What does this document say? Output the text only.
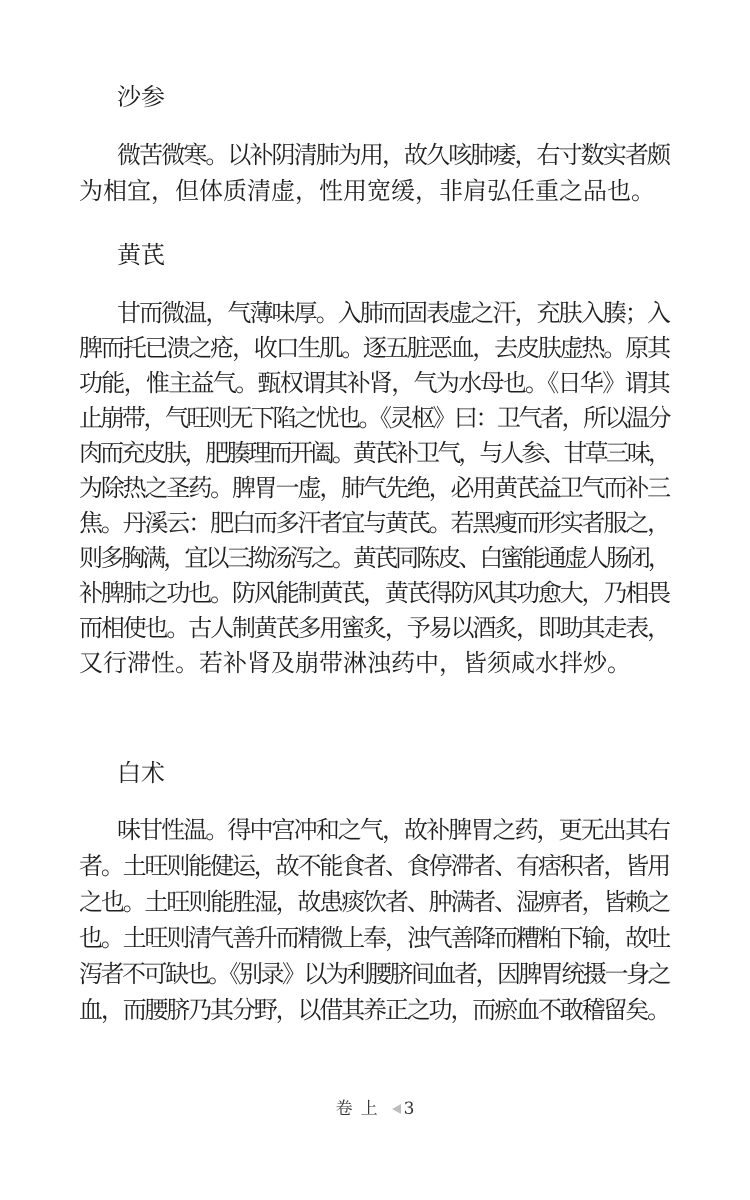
沙参
微苦微寒。以补阴清肺为用，故久咳肺痿，右寸数实者颇
为相宜，但体质清虚，性用宽缓，非肩弘任重之品也。
黄芪
甘而微温，气薄味厚。入肺而固表虚之汗，充肤入腠；入
脾而托已溃之疮，收口生肌。逐五脏恶血，去皮肤虚热。原其
功能，惟主益气。甄权谓其补肾，气为水母也。《日华》谓其
止崩带，气旺则无下陷之忧也。《灵枢》曰：卫气者，所以温分
肉而充皮肤，肥腠理而开阖。黄芪补卫气，与人参、甘草三味，
为除热之圣药。脾胃一虚，肺气先绝，必用黄芪益卫气而补三
焦。丹溪云：肥白而多汗者宜与黄芪。若黑瘦而形实者服之，
则多胸满，宜以三拗汤泻之。黄芪同陈皮、白蜜能通虚人肠闭，
补脾肺之功也。防风能制黄芪，黄芪得防风其功愈大，乃相畏
而相使也。古人制黄芪多用蜜炙，予易以酒炙，即助其走表，
又行滞性。若补肾及崩带淋浊药中，皆须咸水拌炒。
白术
味甘性温。得中宫冲和之气，故补脾胃之药，更无出其右
者。土旺则能健运，故不能食者、食停滞者、有痞积者，皆用
之也。土旺则能胜湿，故患痰饮者、肿满者、湿痹者，皆赖之
也。土旺则清气善升而精微上奉，浊气善降而糟粕下输，故吐
泻者不可缺也。《别录》以为利腰脐间血者，因脾胃统摄一身之
血，而腰脐乃其分野，以借其养正之功，而瘀血不敢稽留矣。
卷上 3
